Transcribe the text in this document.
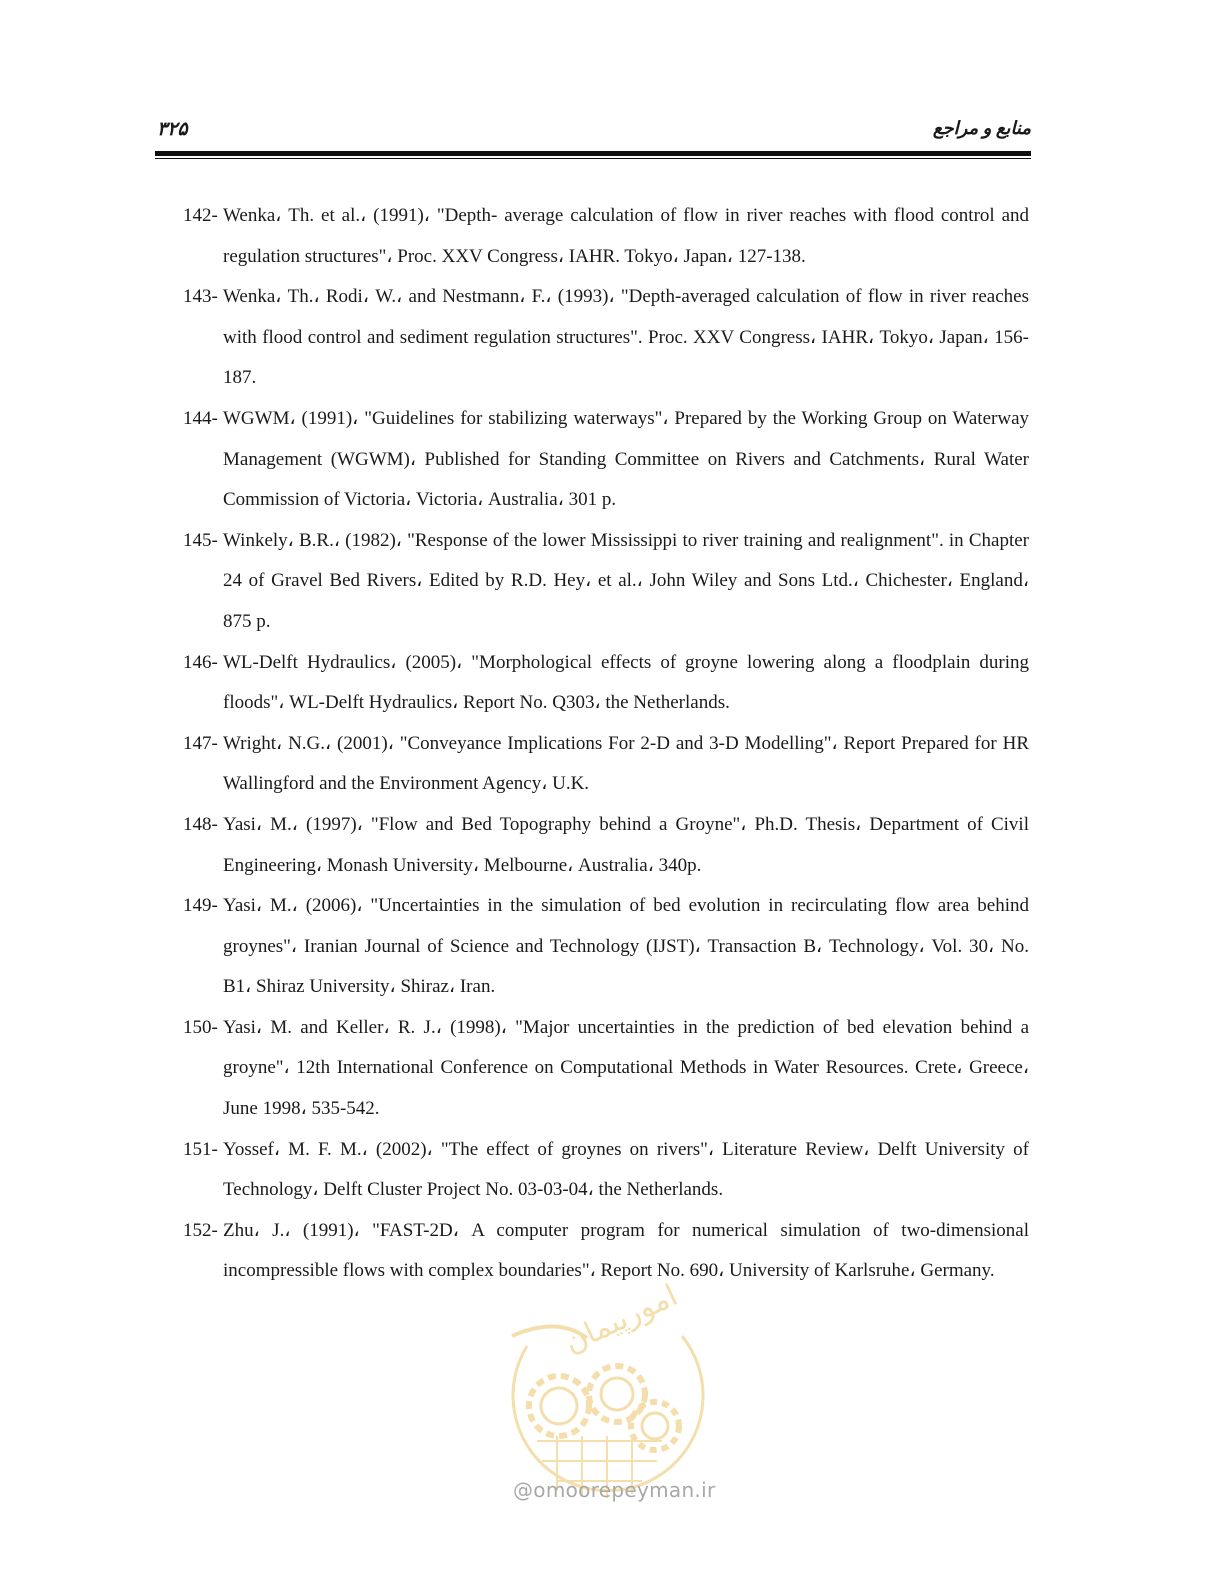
۳۲۵	منابع و مراجع
142- Wenka، Th. et al.، (1991)، "Depth- average calculation of flow in river reaches with flood control and regulation structures"، Proc. XXV Congress، IAHR. Tokyo، Japan، 127-138.
143- Wenka، Th.، Rodi، W.، and Nestmann، F.، (1993)، "Depth-averaged calculation of flow in river reaches with flood control and sediment regulation structures". Proc. XXV Congress، IAHR، Tokyo، Japan، 156-187.
144- WGWM، (1991)، "Guidelines for stabilizing waterways"، Prepared by the Working Group on Waterway Management (WGWM)، Published for Standing Committee on Rivers and Catchments، Rural Water Commission of Victoria، Victoria، Australia، 301 p.
145- Winkely، B.R.، (1982)، "Response of the lower Mississippi to river training and realignment". in Chapter 24 of Gravel Bed Rivers، Edited by R.D. Hey، et al.، John Wiley and Sons Ltd.، Chichester، England، 875 p.
146- WL-Delft Hydraulics، (2005)، "Morphological effects of groyne lowering along a floodplain during floods"، WL-Delft Hydraulics، Report No. Q303، the Netherlands.
147- Wright، N.G.، (2001)، "Conveyance Implications For 2-D and 3-D Modelling"، Report Prepared for HR Wallingford and the Environment Agency، U.K.
148- Yasi، M.، (1997)، "Flow and Bed Topography behind a Groyne"، Ph.D. Thesis، Department of Civil Engineering، Monash University، Melbourne، Australia، 340p.
149- Yasi، M.، (2006)، "Uncertainties in the simulation of bed evolution in recirculating flow area behind groynes"، Iranian Journal of Science and Technology (IJST)، Transaction B، Technology، Vol. 30، No. B1، Shiraz University، Shiraz، Iran.
150- Yasi، M. and Keller، R. J.، (1998)، "Major uncertainties in the prediction of bed elevation behind a groyne"، 12th International Conference on Computational Methods in Water Resources. Crete، Greece، June 1998، 535-542.
151- Yossef، M. F. M.، (2002)، "The effect of groynes on rivers"، Literature Review، Delft University of Technology، Delft Cluster Project No. 03-03-04، the Netherlands.
152- Zhu، J.، (1991)، "FAST-2D، A computer program for numerical simulation of two-dimensional incompressible flows with complex boundaries"، Report No. 690، University of Karlsruhe، Germany.
امورپیمان
@omoorepeyman.ir
